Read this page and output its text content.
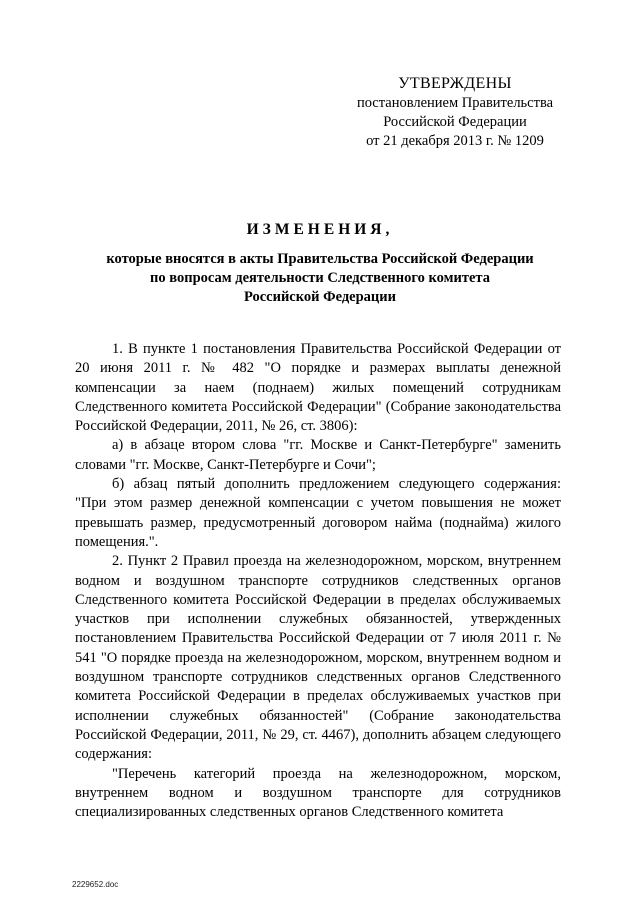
УТВЕРЖДЕНЫ
постановлением Правительства
Российской Федерации
от 21 декабря 2013 г. № 1209
ИЗМЕНЕНИЯ,
которые вносятся в акты Правительства Российской Федерации
по вопросам деятельности Следственного комитета
Российской Федерации

1. В пункте 1 постановления Правительства Российской Федерации от 20 июня 2011 г. № 482 "О порядке и размерах выплаты денежной компенсации за наем (поднаем) жилых помещений сотрудникам Следственного комитета Российской Федерации" (Собрание законодательства Российской Федерации, 2011, № 26, ст. 3806):

а) в абзаце втором слова "гг. Москве и Санкт-Петербурге" заменить словами "гг. Москве, Санкт-Петербурге и Сочи";

б) абзац пятый дополнить предложением следующего содержания: "При этом размер денежной компенсации с учетом повышения не может превышать размер, предусмотренный договором найма (поднайма) жилого помещения.".

2. Пункт 2 Правил проезда на железнодорожном, морском, внутреннем водном и воздушном транспорте сотрудников следственных органов Следственного комитета Российской Федерации в пределах обслуживаемых участков при исполнении служебных обязанностей, утвержденных постановлением Правительства Российской Федерации от 7 июля 2011 г. № 541 "О порядке проезда на железнодорожном, морском, внутреннем водном и воздушном транспорте сотрудников следственных органов Следственного комитета Российской Федерации в пределах обслуживаемых участков при исполнении служебных обязанностей" (Собрание законодательства Российской Федерации, 2011, № 29, ст. 4467), дополнить абзацем следующего содержания:

"Перечень категорий проезда на железнодорожном, морском, внутреннем водном и воздушном транспорте для сотрудников специализированных следственных органов Следственного комитета

2229652.doc
